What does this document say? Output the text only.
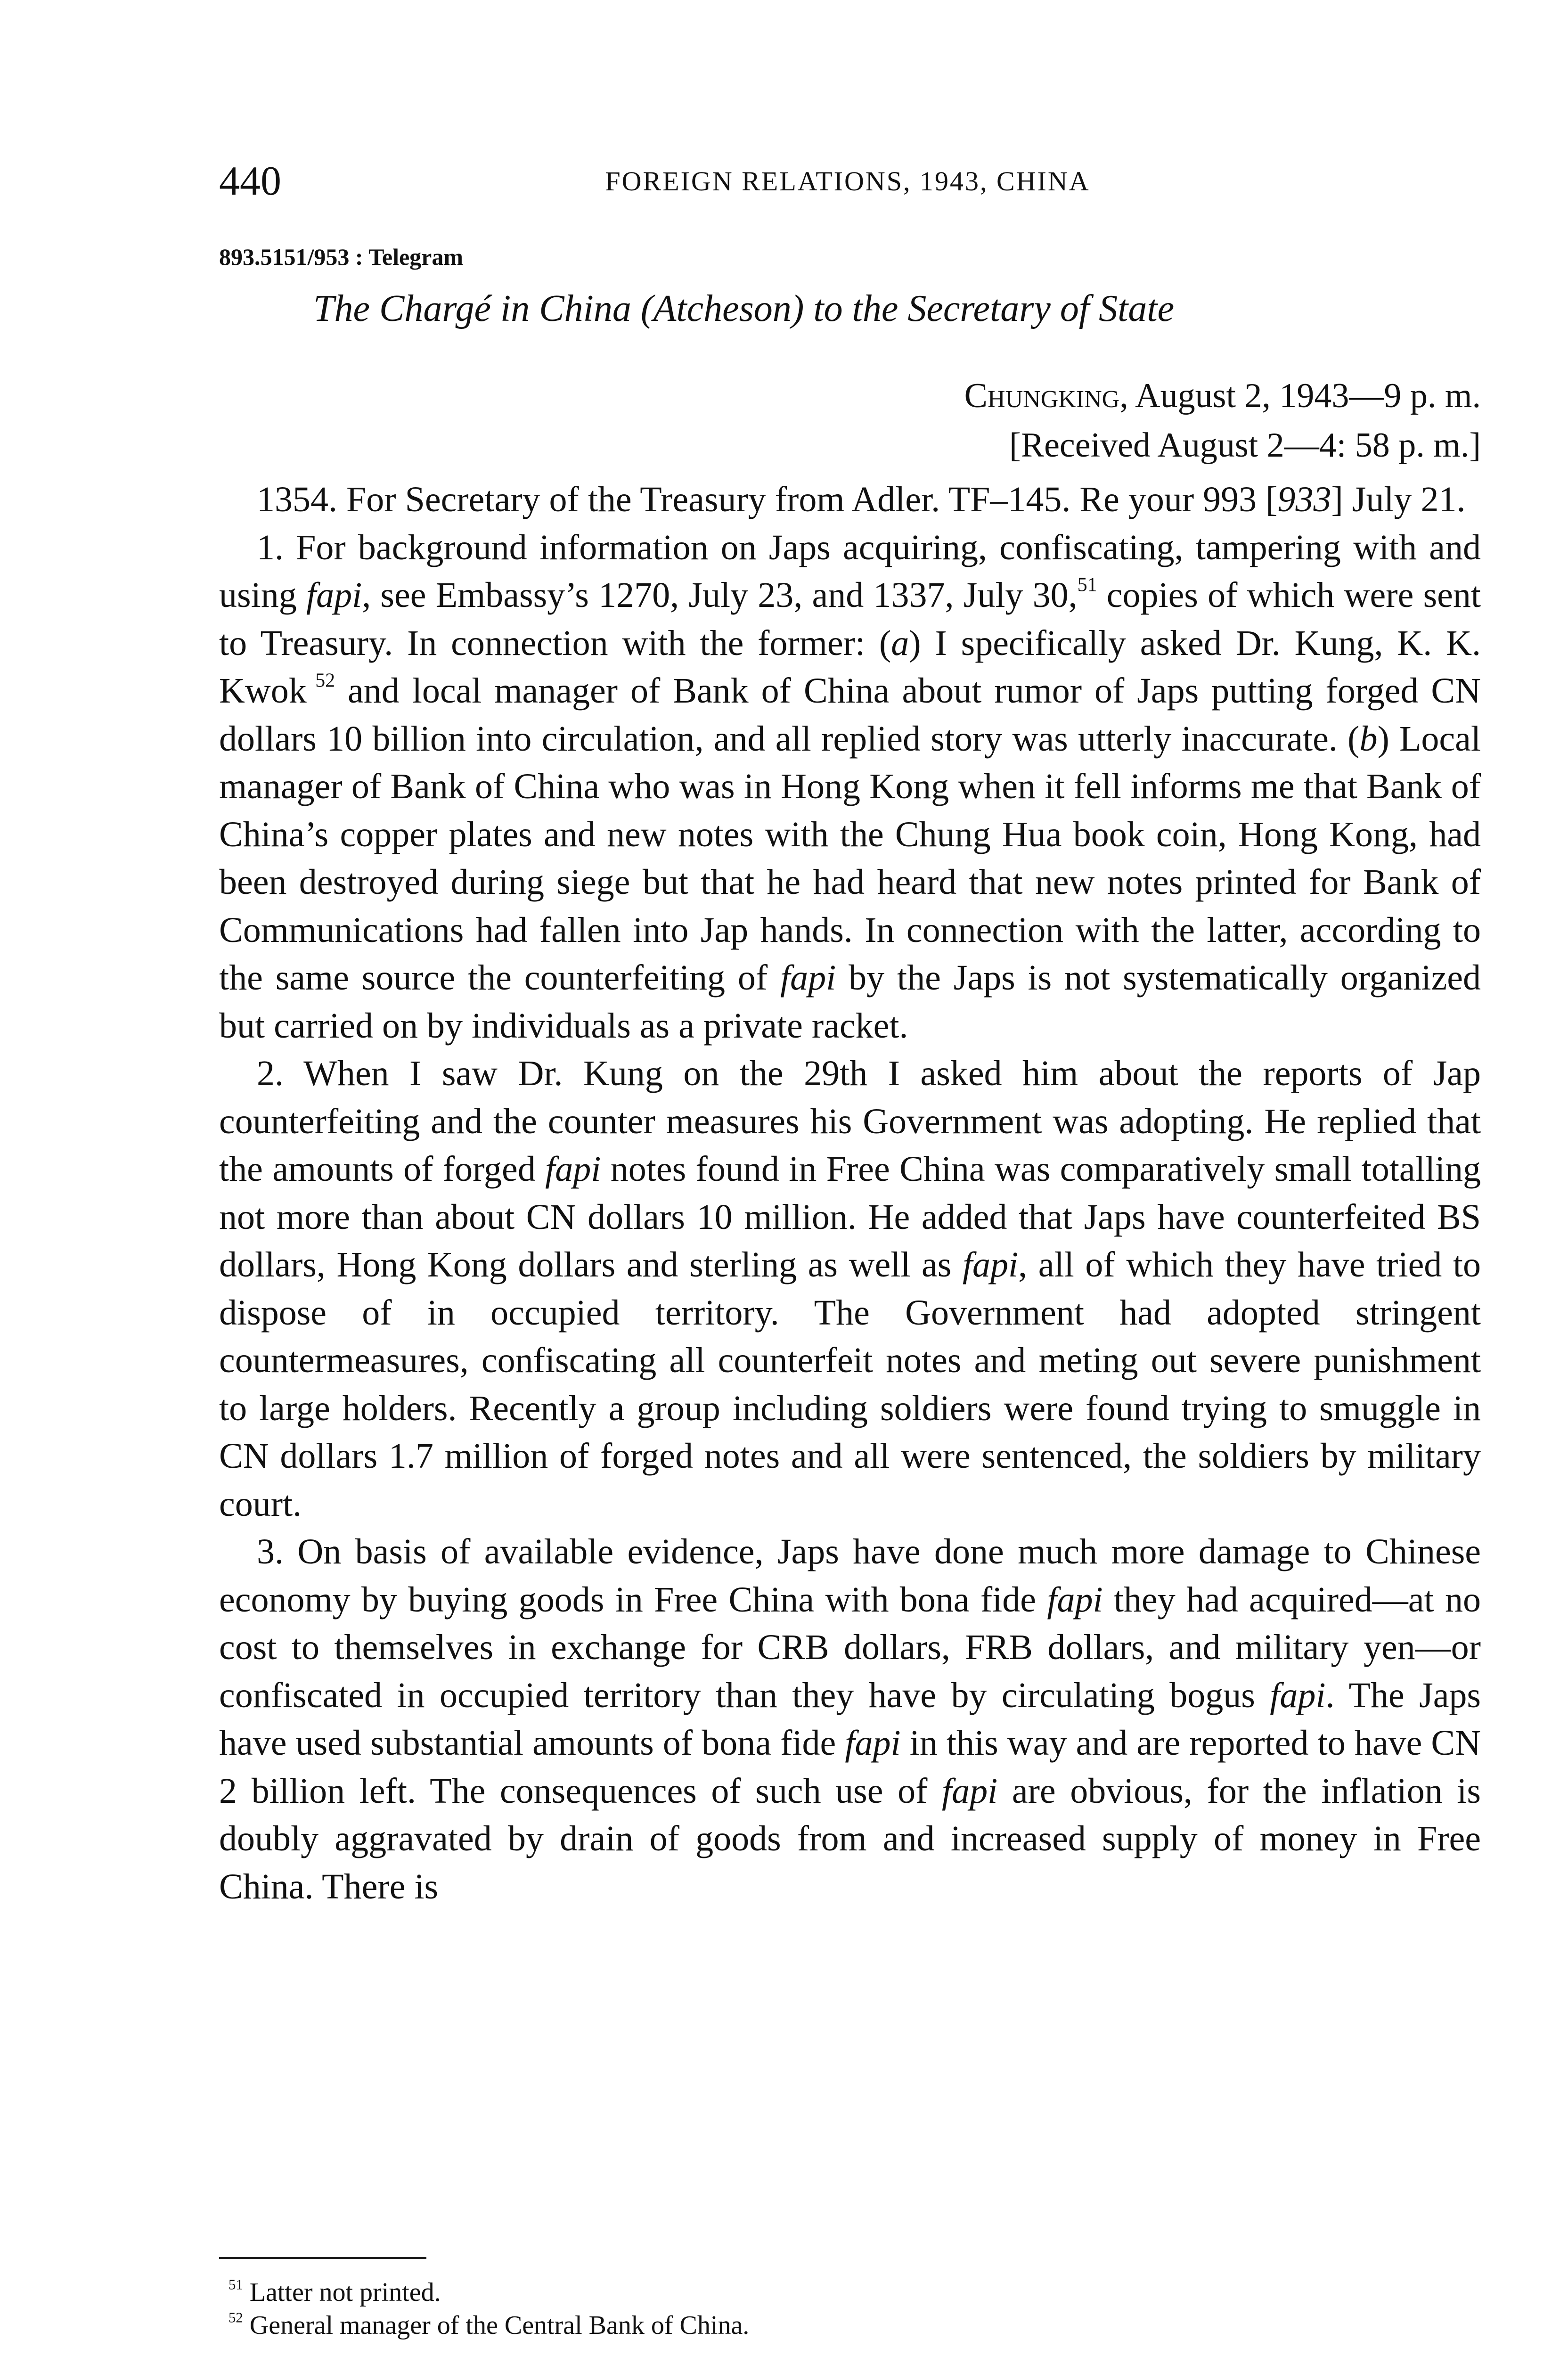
440	FOREIGN RELATIONS, 1943, CHINA
893.5151/953 : Telegram
The Chargé in China (Atcheson) to the Secretary of State
Chungking, August 2, 1943—9 p. m.
[Received August 2—4: 58 p. m.]

1354. For Secretary of the Treasury from Adler. TF–145. Re your 993 [933] July 21.

1. For background information on Japs acquiring, confiscating, tampering with and using fapi, see Embassy’s 1270, July 23, and 1337, July 30,51 copies of which were sent to Treasury. In connection with the former: (a) I specifically asked Dr. Kung, K. K. Kwok $^{52}$ and local manager of Bank of China about rumor of Japs putting forged CN dollars 10 billion into circulation, and all replied story was utterly inaccurate. (b) Local manager of Bank of China who was in Hong Kong when it fell informs me that Bank of China’s copper plates and new notes with the Chung Hua book coin, Hong Kong, had been destroyed during siege but that he had heard that new notes printed for Bank of Communications had fallen into Jap hands. In connection with the latter, according to the same source the counterfeiting of fapi by the Japs is not systematically organized but carried on by individuals as a private racket.

2. When I saw Dr. Kung on the 29th I asked him about the reports of Jap counterfeiting and the counter measures his Government was adopting. He replied that the amounts of forged fapi notes found in Free China was comparatively small totalling not more than about CN dollars 10 million. He added that Japs have counterfeited BS dollars, Hong Kong dollars and sterling as well as fapi, all of which they have tried to dispose of in occupied territory. The Government had adopted stringent countermeasures, confiscating all counterfeit notes and meting out severe punishment to large holders. Recently a group including soldiers were found trying to smuggle in CN dollars 1.7 million of forged notes and all were sentenced, the soldiers by military court.

3. On basis of available evidence, Japs have done much more damage to Chinese economy by buying goods in Free China with bona fide fapi they had acquired—at no cost to themselves in exchange for CRB dollars, FRB dollars, and military yen—or confiscated in occupied territory than they have by circulating bogus fapi. The Japs have used substantial amounts of bona fide fapi in this way and are reported to have CN 2 billion left. The consequences of such use of fapi are obvious, for the inflation is doubly aggravated by drain of goods from and increased supply of money in Free China. There is

$^{51}$ Latter not printed.
$^{52}$ General manager of the Central Bank of China.
